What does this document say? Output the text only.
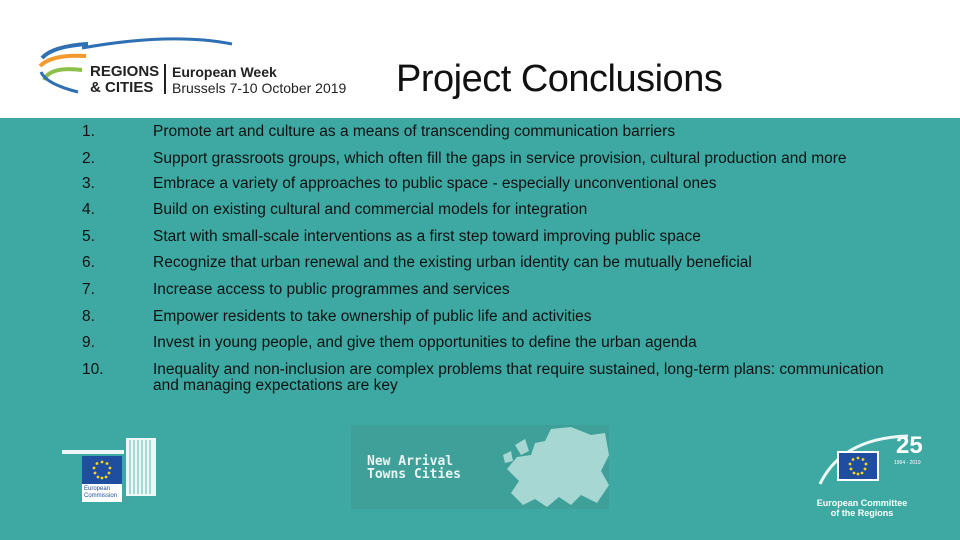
REGIONS
& CITIES
European Week
Brussels 7-10 October 2019 Project Conclusions
1.	Promote art and culture as a means of transcending communication barriers
2.	Support grassroots groups, which often fill the gaps in service provision, cultural production and more
3.	Embrace a variety of approaches to public space - especially unconventional ones
4.	Build on existing cultural and commercial models for integration
5.	Start with small-scale interventions as a first step toward improving public space
6.	Recognize that urban renewal and the existing urban identity can be mutually beneficial
7.	Increase access to public programmes and services
8.	Empower residents to take ownership of public life and activities
9.	Invest in young people, and give them opportunities to define the urban agenda
10.	Inequality and non-inclusion are complex problems that require sustained, long-term plans: communication and managing expectations are key
European
Commission
New Arrival
Towns Cities
25
1994 - 2019
European Committee
of the Regions
